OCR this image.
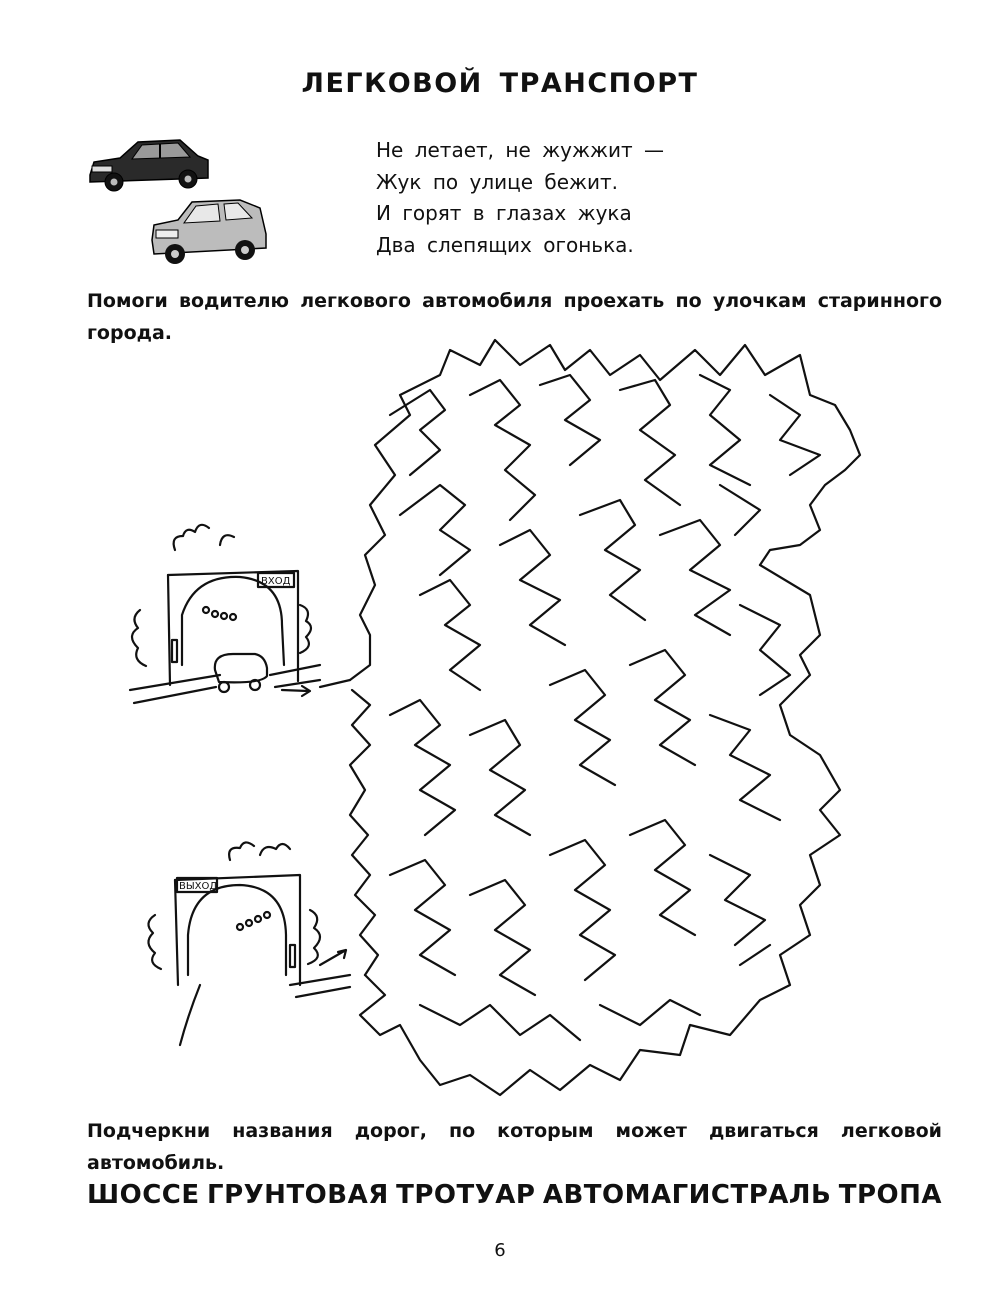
ЛЕГКОВОЙ ТРАНСПОРТ
Не летает, не жужжит —
Жук по улице бежит.
И горят в глазах жука
Два слепящих огонька.
Помоги водителю легкового автомобиля проехать по улочкам старинного города.
ВХОД
ВЫХОД
Подчеркни названия дорог, по которым может двигаться легковой автомобиль.
ШОССЕ ГРУНТОВАЯ ТРОТУАР АВТОМАГИСТРАЛЬ ТРОПА
6
